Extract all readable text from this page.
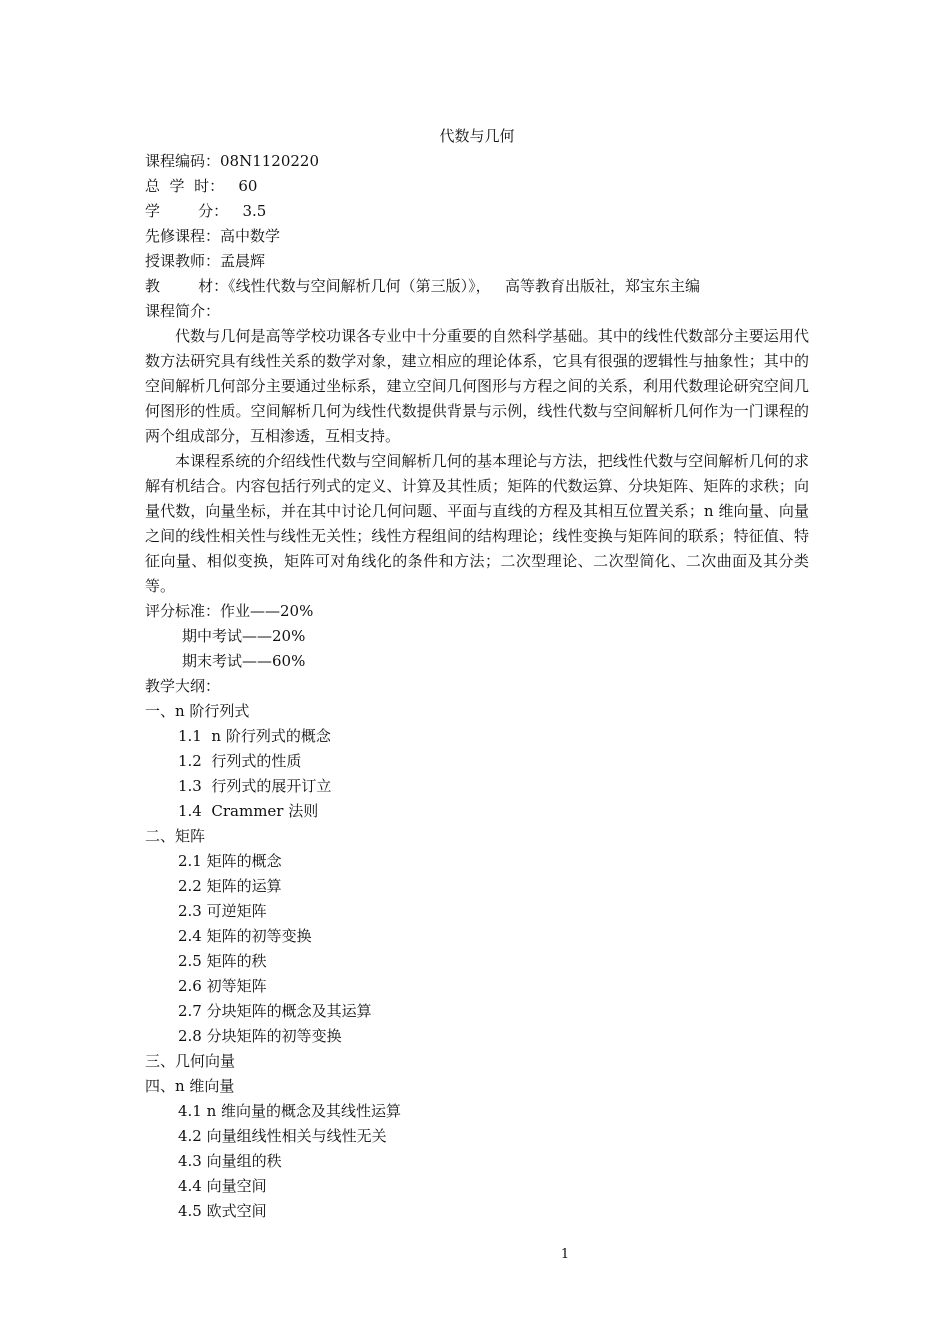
代数与几何
课程编码：08N1120220
总  学  时：   60
学        分：   3.5
先修课程：高中数学
授课教师：孟晨辉
教        材：《线性代数与空间解析几何（第三版）》，   高等教育出版社，郑宝东主编
课程简介：

代数与几何是高等学校功课各专业中十分重要的自然科学基础。其中的线性代数部分主要运用代数方法研究具有线性关系的数学对象，建立相应的理论体系，它具有很强的逻辑性与抽象性；其中的空间解析几何部分主要通过坐标系，建立空间几何图形与方程之间的关系，利用代数理论研究空间几何图形的性质。空间解析几何为线性代数提供背景与示例，线性代数与空间解析几何作为一门课程的两个组成部分，互相渗透，互相支持。

本课程系统的介绍线性代数与空间解析几何的基本理论与方法，把线性代数与空间解析几何的求解有机结合。内容包括行列式的定义、计算及其性质；矩阵的代数运算、分块矩阵、矩阵的求秩；向量代数，向量坐标，并在其中讨论几何问题、平面与直线的方程及其相互位置关系；n 维向量、向量之间的线性相关性与线性无关性；线性方程组间的结构理论；线性变换与矩阵间的联系；特征值、特征向量、相似变换，矩阵可对角线化的条件和方法；二次型理论、二次型简化、二次曲面及其分类等。

评分标准：作业——20%
期中考试——20%
期末考试——60%
教学大纲：
一、n 阶行列式
1.1  n 阶行列式的概念
1.2  行列式的性质
1.3  行列式的展开订立
1.4  Crammer 法则
二、矩阵
2.1 矩阵的概念
2.2 矩阵的运算
2.3 可逆矩阵
2.4 矩阵的初等变换
2.5 矩阵的秩
2.6 初等矩阵
2.7 分块矩阵的概念及其运算
2.8 分块矩阵的初等变换
三、几何向量
四、n 维向量
4.1 n 维向量的概念及其线性运算
4.2 向量组线性相关与线性无关
4.3 向量组的秩
4.4 向量空间
4.5 欧式空间
1
